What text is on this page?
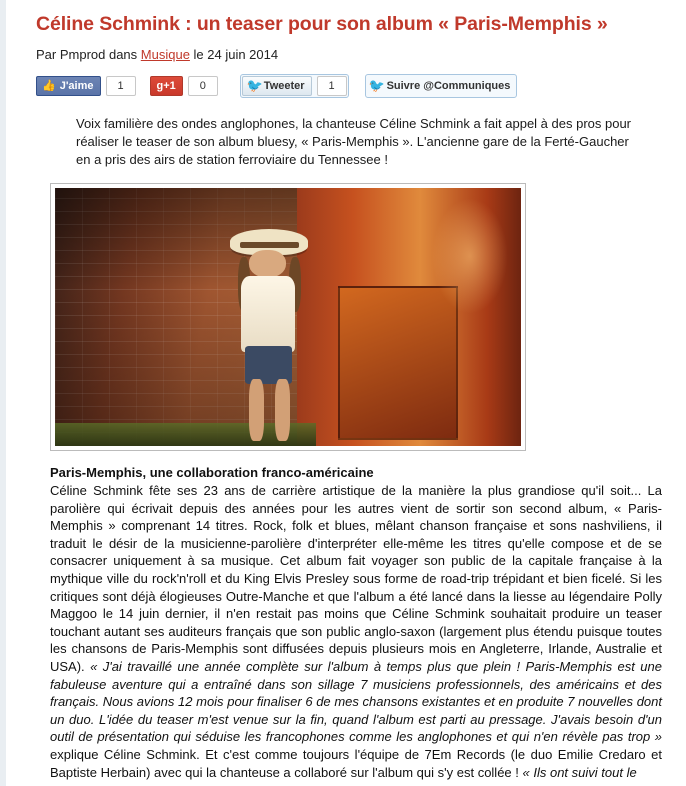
Céline Schmink : un teaser pour son album « Paris-Memphis »
Par Pmprod dans Musique le 24 juin 2014
👍 J'aime	1	g +1	0	🐦 Tweeter	1	🐦 Suivre @Communiques

Voix familière des ondes anglophones, la chanteuse Céline Schmink a fait appel à des pros pour réaliser le teaser de son album bluesy, « Paris-Memphis ». L'ancienne gare de la Ferté-Gaucher en a pris des airs de station ferroviaire du Tennessee !

Paris-Memphis, une collaboration franco-américaine

Céline Schmink fête ses 23 ans de carrière artistique de la manière la plus grandiose qu'il soit... La parolière qui écrivait depuis des années pour les autres vient de sortir son second album, « Paris-Memphis » comprenant 14 titres. Rock, folk et blues, mêlant chanson française et sons nashviliens, il traduit le désir de la musicienne-parolière d'interpréter elle-même les titres qu'elle compose et de se consacrer uniquement à sa musique. Cet album fait voyager son public de la capitale française à la mythique ville du rock'n'roll et du King Elvis Presley sous forme de road-trip trépidant et bien ficelé. Si les critiques sont déjà élogieuses Outre-Manche et que l'album a été lancé dans la liesse au légendaire Polly Maggoo le 14 juin dernier, il n'en restait pas moins que Céline Schmink souhaitait produire un teaser touchant autant ses auditeurs français que son public anglo-saxon (largement plus étendu puisque toutes les chansons de Paris-Memphis sont diffusées depuis plusieurs mois en Angleterre, Irlande, Australie et USA). « J'ai travaillé une année complète sur l'album à temps plus que plein ! Paris-Memphis est une fabuleuse aventure qui a entraîné dans son sillage 7 musiciens professionnels, des américains et des français. Nous avions 12 mois pour finaliser 6 de mes chansons existantes et en produite 7 nouvelles dont un duo. L'idée du teaser m'est venue sur la fin, quand l'album est parti au pressage. J'avais besoin d'un outil de présentation qui séduise les francophones comme les anglophones et qui n'en révèle pas trop » explique Céline Schmink. Et c'est comme toujours l'équipe de 7Em Records (le duo Emilie Credaro et Baptiste Herbain) avec qui la chanteuse a collaboré sur l'album qui s'y est collée ! « Ils ont suivi tout le
